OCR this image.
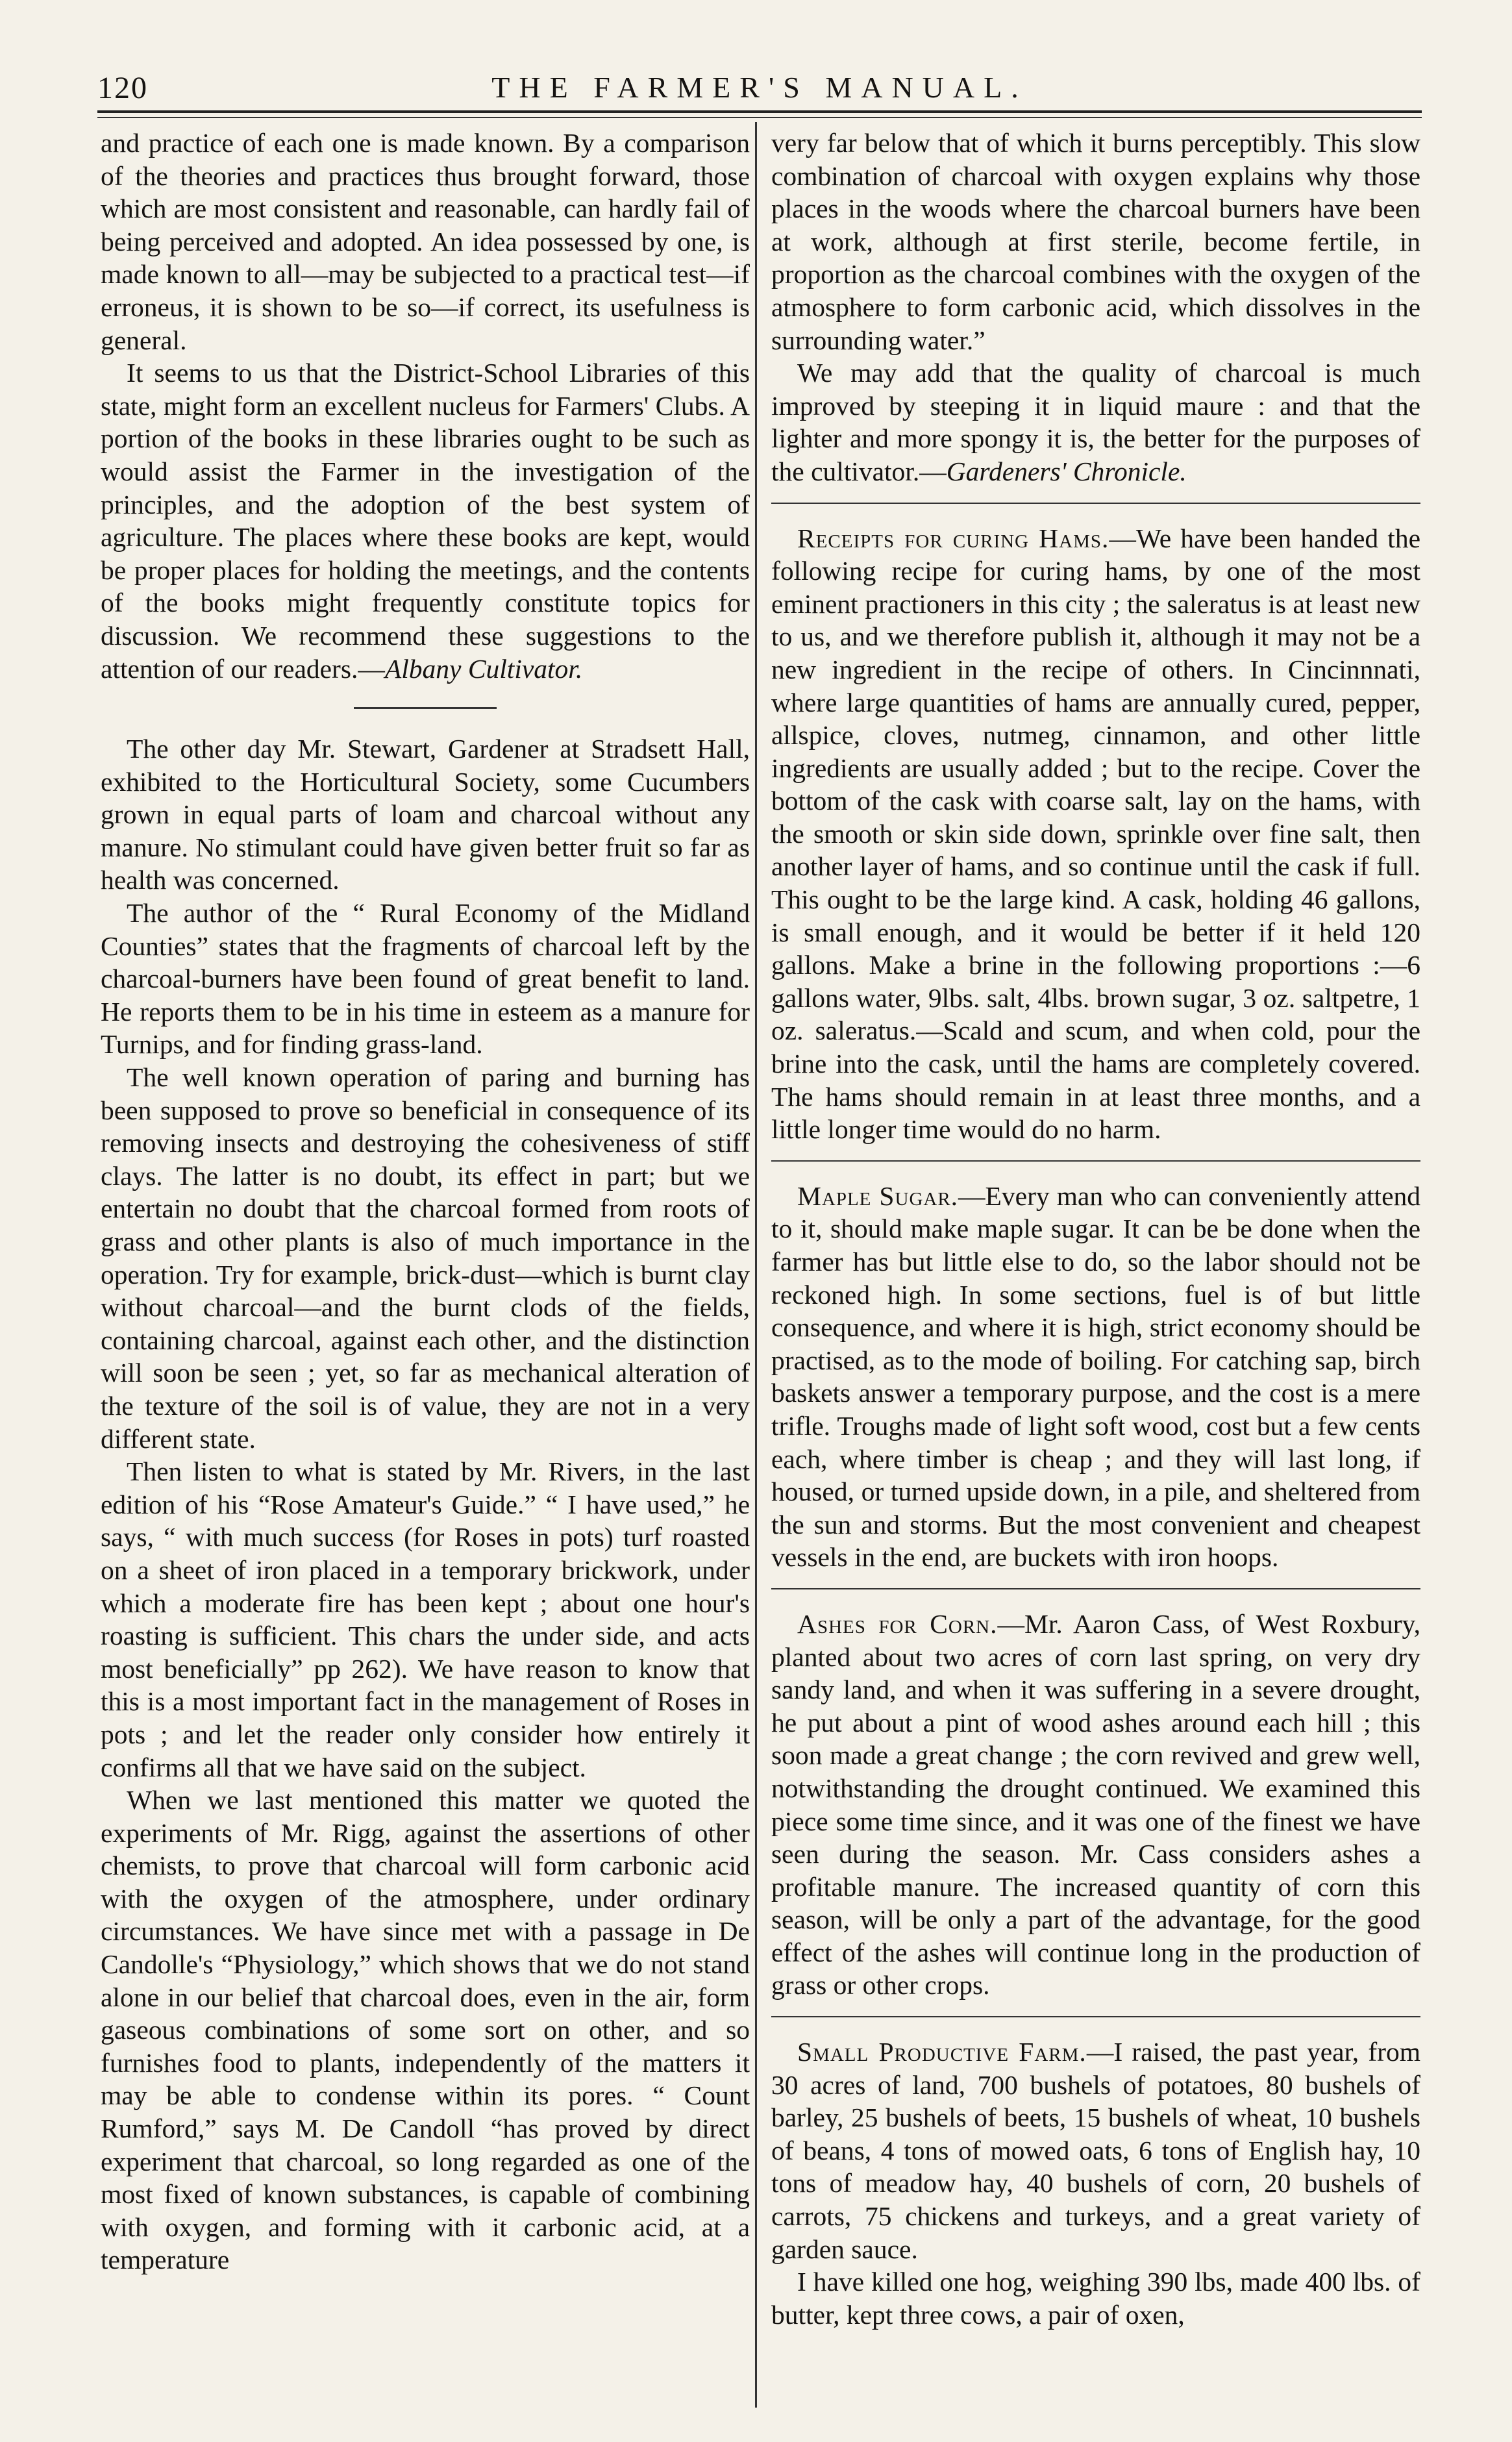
120	THE FARMER'S MANUAL.

and practice of each one is made known. By a comparison of the theories and practices thus brought forward, those which are most consistent and reasonable, can hardly fail of being perceived and adopted. An idea possessed by one, is made known to all—may be subjected to a practical test—if erroneus, it is shown to be so—if correct, its usefulness is general.

It seems to us that the District-School Libraries of this state, might form an excellent nucleus for Farmers' Clubs. A portion of the books in these libraries ought to be such as would assist the Farmer in the investigation of the principles, and the adoption of the best system of agriculture. The places where these books are kept, would be proper places for holding the meetings, and the contents of the books might frequently constitute topics for discussion. We recommend these suggestions to the attention of our readers.—Albany Cultivator.

The other day Mr. Stewart, Gardener at Stradsett Hall, exhibited to the Horticultural Society, some Cucumbers grown in equal parts of loam and charcoal without any manure. No stimulant could have given better fruit so far as health was concerned.

The author of the “ Rural Economy of the Midland Counties” states that the fragments of charcoal left by the charcoal-burners have been found of great benefit to land. He reports them to be in his time in esteem as a manure for Turnips, and for finding grass-land.

The well known operation of paring and burning has been supposed to prove so beneficial in consequence of its removing insects and destroying the cohesiveness of stiff clays. The latter is no doubt, its effect in part; but we entertain no doubt that the charcoal formed from roots of grass and other plants is also of much importance in the operation. Try for example, brick-dust—which is burnt clay without charcoal—and the burnt clods of the fields, containing charcoal, against each other, and the distinction will soon be seen ; yet, so far as mechanical alteration of the texture of the soil is of value, they are not in a very different state.

Then listen to what is stated by Mr. Rivers, in the last edition of his “Rose Amateur's Guide.” “ I have used,” he says, “ with much success (for Roses in pots) turf roasted on a sheet of iron placed in a temporary brickwork, under which a moderate fire has been kept ; about one hour's roasting is sufficient. This chars the under side, and acts most beneficially” pp 262). We have reason to know that this is a most important fact in the management of Roses in pots ; and let the reader only consider how entirely it confirms all that we have said on the subject.

When we last mentioned this matter we quoted the experiments of Mr. Rigg, against the assertions of other chemists, to prove that charcoal will form carbonic acid with the oxygen of the atmosphere, under ordinary circumstances. We have since met with a passage in De Candolle's “Physiology,” which shows that we do not stand alone in our belief that charcoal does, even in the air, form gaseous combinations of some sort on other, and so furnishes food to plants, independently of the matters it may be able to condense within its pores. “ Count Rumford,” says M. De Candoll “has proved by direct experiment that charcoal, so long regarded as one of the most fixed of known substances, is capable of combining with oxygen, and forming with it carbonic acid, at a temperature

very far below that of which it burns perceptibly. This slow combination of charcoal with oxygen explains why those places in the woods where the charcoal burners have been at work, although at first sterile, become fertile, in proportion as the charcoal combines with the oxygen of the atmosphere to form carbonic acid, which dissolves in the surrounding water.”

We may add that the quality of charcoal is much improved by steeping it in liquid maure : and that the lighter and more spongy it is, the better for the purposes of the cultivator.—Gardeners' Chronicle.

Receipts for curing Hams.—We have been handed the following recipe for curing hams, by one of the most eminent practioners in this city ; the saleratus is at least new to us, and we therefore publish it, although it may not be a new ingredient in the recipe of others. In Cincinnnati, where large quantities of hams are annually cured, pepper, allspice, cloves, nutmeg, cinnamon, and other little ingredients are usually added ; but to the recipe. Cover the bottom of the cask with coarse salt, lay on the hams, with the smooth or skin side down, sprinkle over fine salt, then another layer of hams, and so continue until the cask if full. This ought to be the large kind. A cask, holding 46 gallons, is small enough, and it would be better if it held 120 gallons. Make a brine in the following proportions :—6 gallons water, 9lbs. salt, 4lbs. brown sugar, 3 oz. saltpetre, 1 oz. saleratus.—Scald and scum, and when cold, pour the brine into the cask, until the hams are completely covered. The hams should remain in at least three months, and a little longer time would do no harm.

Maple Sugar.—Every man who can conveniently attend to it, should make maple sugar. It can be be done when the farmer has but little else to do, so the labor should not be reckoned high. In some sections, fuel is of but little consequence, and where it is high, strict economy should be practised, as to the mode of boiling. For catching sap, birch baskets answer a temporary purpose, and the cost is a mere trifle. Troughs made of light soft wood, cost but a few cents each, where timber is cheap ; and they will last long, if housed, or turned upside down, in a pile, and sheltered from the sun and storms. But the most convenient and cheapest vessels in the end, are buckets with iron hoops.

Ashes for Corn.—Mr. Aaron Cass, of West Roxbury, planted about two acres of corn last spring, on very dry sandy land, and when it was suffering in a severe drought, he put about a pint of wood ashes around each hill ; this soon made a great change ; the corn revived and grew well, notwithstanding the drought continued. We examined this piece some time since, and it was one of the finest we have seen during the season. Mr. Cass considers ashes a profitable manure. The increased quantity of corn this season, will be only a part of the advantage, for the good effect of the ashes will continue long in the production of grass or other crops.

Small Productive Farm.—I raised, the past year, from 30 acres of land, 700 bushels of potatoes, 80 bushels of barley, 25 bushels of beets, 15 bushels of wheat, 10 bushels of beans, 4 tons of mowed oats, 6 tons of English hay, 10 tons of meadow hay, 40 bushels of corn, 20 bushels of carrots, 75 chickens and turkeys, and a great variety of garden sauce.

I have killed one hog, weighing 390 lbs, made 400 lbs. of butter, kept three cows, a pair of oxen,
